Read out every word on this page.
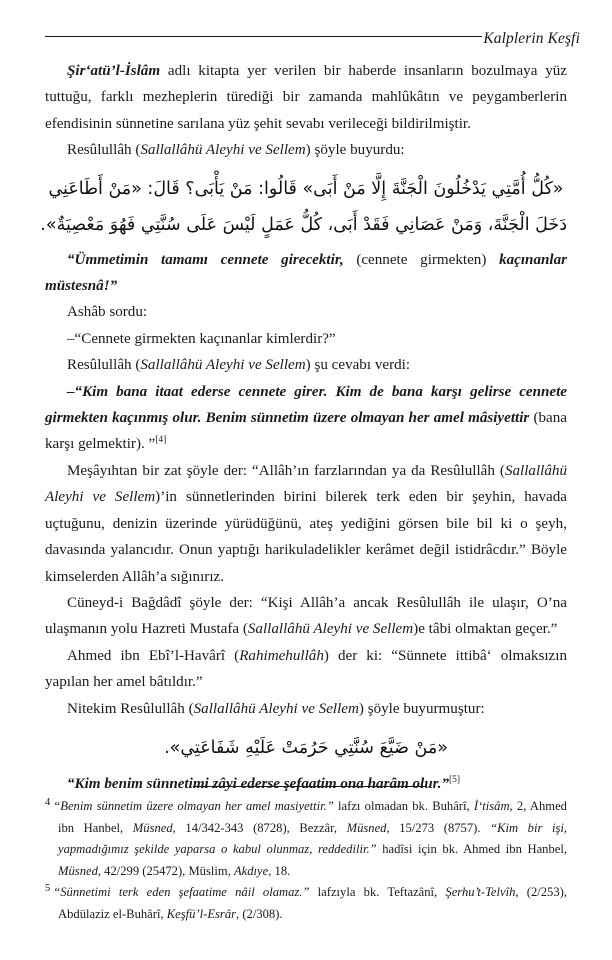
Kalplerin Keşfi

Şir‘atü’l-İslâm adlı kitapta yer verilen bir haberde insanların bozulmaya yüz tuttuğu, farklı mezheplerin türediği bir zamanda mahlûkâtın ve peygamberlerin efendisinin sünnetine sarılana yüz şehit sevabı verileceği bildirilmiştir.

Resûlullâh (Sallallâhü Aleyhi ve Sellem) şöyle buyurdu:

«كُلُّ أُمَّتِي يَدْخُلُونَ الْجَنَّةَ إِلَّا مَنْ أَبَى» قَالُوا: مَنْ يَأْبَى؟ قَالَ: «مَنْ أَطَاعَنِي
دَخَلَ الْجَنَّةَ، وَمَنْ عَصَانِي فَقَدْ أَبَى، كُلُّ عَمَلٍ لَيْسَ عَلَى سُنَّتِي فَهُوَ مَعْصِيَةٌ».

“Ümmetimin tamamı cennete girecektir, (cennete girmekten) kaçınanlar müstesnâ!”

Ashâb sordu:

–“Cennete girmekten kaçınanlar kimlerdir?”

Resûlullâh (Sallallâhü Aleyhi ve Sellem) şu cevabı verdi:

–“Kim bana itaat ederse cennete girer. Kim de bana karşı gelirse cennete girmekten kaçınmış olur. Benim sünnetim üzere olmayan her amel mâsiyettir (bana karşı gelmektir). ”[4]

Meşâyıhtan bir zat şöyle der: “Allâh’ın farzlarından ya da Resûlullâh (Sallallâhü Aleyhi ve Sellem)’in sünnetlerinden birini bilerek terk eden bir şeyhin, havada uçtuğunu, denizin üzerinde yürüdüğünü, ateş yediğini görsen bile bil ki o şeyh, davasında yalancıdır. Onun yaptığı harikuladelikler kerâmet değil istidrâcdır.” Böyle kimselerden Allâh’a sığınırız.

Cüneyd-i Bağdâdî şöyle der: “Kişi Allâh’a ancak Resûlullâh ile ulaşır, O’na ulaşmanın yolu Hazreti Mustafa (Sallallâhü Aleyhi ve Sellem)e tâbi olmaktan geçer.”

Ahmed ibn Ebî’l-Havârî (Rahimehullâh) der ki: “Sünnete ittibâ‘ olmaksızın yapılan her amel bâtıldır.”

Nitekim Resûlullâh (Sallallâhü Aleyhi ve Sellem) şöyle buyurmuştur:

«مَنْ ضَيَّعَ سُنَّتِي حَرُمَتْ عَلَيْهِ شَفَاعَتِي».

“Kim benim sünnetimi zâyi ederse şefaatim ona harâm olur.”[5]

$^4$ “Benim sünnetim üzere olmayan her amel masiyettir.” lafzı olmadan bk. Buhârî, İ‘tisâm, 2, Ahmed ibn Hanbel, Müsned, 14/342-343 (8728), Bezzâr, Müsned, 15/273 (8757). “Kim bir işi, yapmadığımız şekilde yaparsa o kabul olunmaz, reddedilir.” hadîsi için bk. Ahmed ibn Hanbel, Müsned, 42/299 (25472), Müslim, Akdıye, 18.
$^5$ “Sünnetimi terk eden şefaatime nâil olamaz.” lafzıyla bk. Teftazânî, Şerhu’t-Telvîh, (2/253), Abdülaziz el-Buhârî, Keşfü’l-Esrâr, (2/308).
